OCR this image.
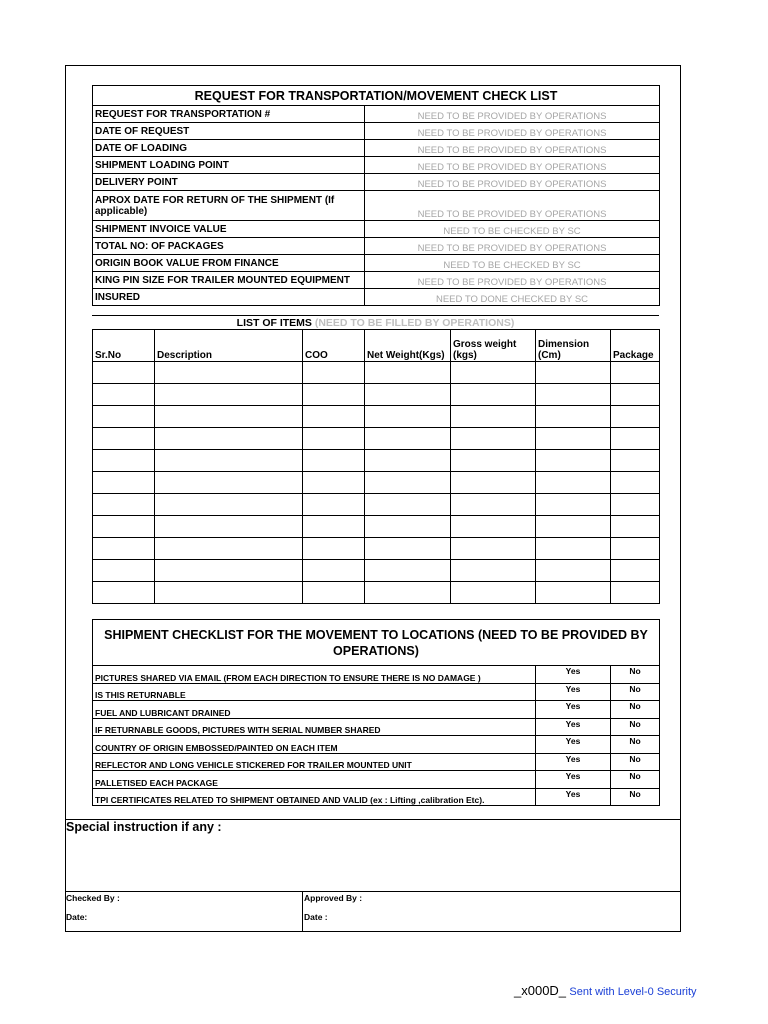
REQUEST FOR TRANSPORTATION/MOVEMENT CHECK LIST	
REQUEST FOR TRANSPORTATION #	NEED TO BE PROVIDED BY OPERATIONS
DATE OF REQUEST	NEED TO BE PROVIDED BY OPERATIONS
DATE OF LOADING	NEED TO BE PROVIDED BY OPERATIONS
SHIPMENT LOADING POINT	NEED TO BE PROVIDED BY OPERATIONS
DELIVERY POINT	NEED TO BE PROVIDED BY OPERATIONS
APROX DATE FOR RETURN OF THE SHIPMENT (If applicable)	NEED TO BE PROVIDED BY OPERATIONS
SHIPMENT INVOICE VALUE	NEED TO BE CHECKED BY SC
TOTAL NO: OF PACKAGES	NEED TO BE PROVIDED BY OPERATIONS
ORIGIN BOOK VALUE FROM FINANCE	NEED TO BE CHECKED BY SC
KING PIN SIZE FOR TRAILER MOUNTED EQUIPMENT	NEED TO BE PROVIDED BY OPERATIONS
INSURED	NEED TO DONE CHECKED BY SC
LIST OF ITEMS (NEED TO BE FILLED BY OPERATIONS)
Sr.No	Description	COO	Net Weight(Kgs)	Gross weight (kgs)	Dimension (Cm)	Package

SHIPMENT CHECKLIST FOR THE MOVEMENT TO LOCATIONS (NEED TO BE PROVIDED BY OPERATIONS)		
PICTURES SHARED VIA EMAIL (FROM EACH DIRECTION TO ENSURE THERE IS NO DAMAGE )	Yes	No
IS THIS RETURNABLE	Yes	No
FUEL AND LUBRICANT DRAINED	Yes	No
IF RETURNABLE GOODS, PICTURES WITH SERIAL NUMBER SHARED	Yes	No
COUNTRY OF ORIGIN EMBOSSED/PAINTED ON EACH ITEM	Yes	No
REFLECTOR AND LONG VEHICLE STICKERED FOR TRAILER MOUNTED UNIT	Yes	No
PALLETISED EACH PACKAGE	Yes	No
TPI CERTIFICATES RELATED TO SHIPMENT OBTAINED AND VALID (ex : Lifting ,calibration Etc).	Yes	No
Special instruction if any :
Checked By :	Approved By :
Date:	Date :
_x000D_ Sent with Level-0 Security
